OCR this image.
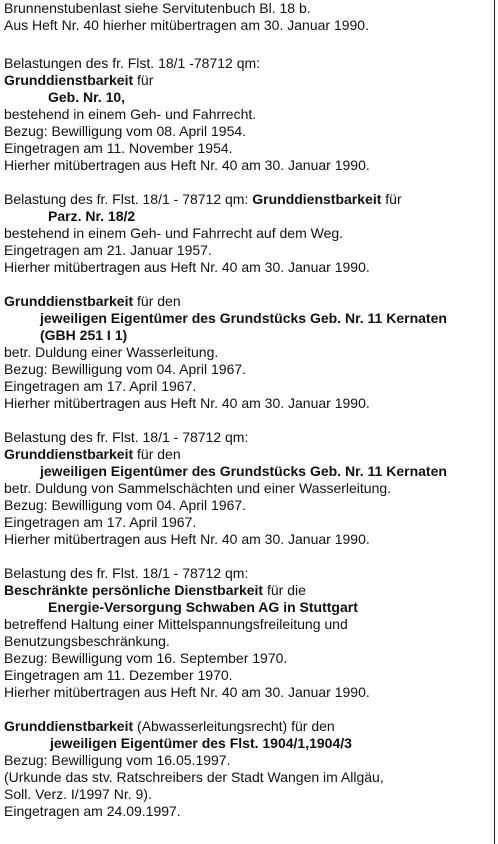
Brunnenstubenlast siehe Servitutenbuch Bl. 18 b.
Aus Heft Nr. 40 hierher mitübertragen am 30. Januar 1990.
Belastungen des fr. Flst. 18/1 -78712 qm:
Grunddienstbarkeit für
Geb. Nr. 10,
bestehend in einem Geh- und Fahrrecht.
Bezug: Bewilligung vom 08. April 1954.
Eingetragen am 11. November 1954.
Hierher mitübertragen aus Heft Nr. 40 am 30. Januar 1990.
Belastung des fr. Flst. 18/1 - 78712 qm: Grunddienstbarkeit für
Parz. Nr. 18/2
bestehend in einem Geh- und Fahrrecht auf dem Weg.
Eingetragen am 21. Januar 1957.
Hierher mitübertragen aus Heft Nr. 40 am 30. Januar 1990.
Grunddienstbarkeit für den
jeweiligen Eigentümer des Grundstücks Geb. Nr. 11 Kernaten
(GBH 251 I 1)
betr. Duldung einer Wasserleitung.
Bezug: Bewilligung vom 04. April 1967.
Eingetragen am 17. April 1967.
Hierher mitübertragen aus Heft Nr. 40 am 30. Januar 1990.
Belastung des fr. Flst. 18/1 - 78712 qm:
Grunddienstbarkeit für den
jeweiligen Eigentümer des Grundstücks Geb. Nr. 11 Kernaten
betr. Duldung von Sammelschächten und einer Wasserleitung.
Bezug: Bewilligung vom 04. April 1967.
Eingetragen am 17. April 1967.
Hierher mitübertragen aus Heft Nr. 40 am 30. Januar 1990.
Belastung des fr. Flst. 18/1 - 78712 qm:
Beschränkte persönliche Dienstbarkeit für die
Energie-Versorgung Schwaben AG in Stuttgart
betreffend Haltung einer Mittelspannungsfreileitung und
Benutzungsbeschränkung.
Bezug: Bewilligung vom 16. September 1970.
Eingetragen am 11. Dezember 1970.
Hierher mitübertragen aus Heft Nr. 40 am 30. Januar 1990.
Grunddienstbarkeit (Abwasserleitungsrecht) für den
jeweiligen Eigentümer des Flst. 1904/1,1904/3
Bezug: Bewilligung vom 16.05.1997.
(Urkunde das stv. Ratschreibers der Stadt Wangen im Allgäu,
Soll. Verz. I/1997 Nr. 9).
Eingetragen am 24.09.1997.
